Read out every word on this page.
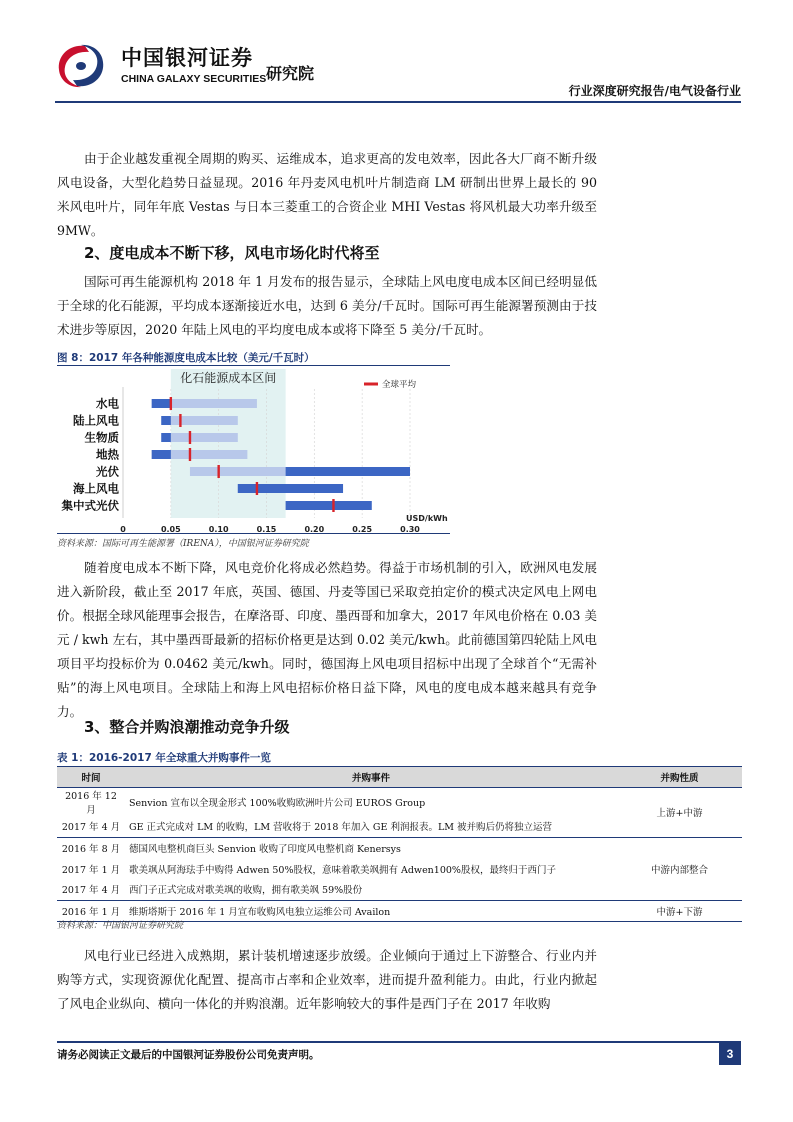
中国银河证券
CHINA GALAXY SECURITIES 研究院
行业深度研究报告/电气设备行业

由于企业越发重视全周期的购买、运维成本，追求更高的发电效率，因此各大厂商不断升级风电设备，大型化趋势日益显现。2016 年丹麦风电机叶片制造商 LM 研制出世界上最长的 90 米风电叶片，同年年底 Vestas 与日本三菱重工的合资企业 MHI Vestas 将风机最大功率升级至 9MW。

2、度电成本不断下移，风电市场化时代将至

国际可再生能源机构 2018 年 1 月发布的报告显示，全球陆上风电度电成本区间已经明显低于全球的化石能源，平均成本逐渐接近水电，达到 6 美分/千瓦时。国际可再生能源署预测由于技术进步等原因，2020 年陆上风电的平均度电成本或将下降至 5 美分/千瓦时。

图 8：2017 年各种能源度电成本比较（美元/千瓦时）
化石能源成本区间	全球平均
水电
陆上风电
生物质
地热
光伏
海上风电
集中式光伏
0	0.05	0.10	0.15	0.20	0.25	0.30
USD/kWh
资料来源：国际可再生能源署（IRENA），中国银河证券研究院

随着度电成本不断下降，风电竞价化将成必然趋势。得益于市场机制的引入，欧洲风电发展进入新阶段，截止至 2017 年底，英国、德国、丹麦等国已采取竞拍定价的模式决定风电上网电价。根据全球风能理事会报告，在摩洛哥、印度、墨西哥和加拿大，2017 年风电价格在 0.03 美元 / kwh 左右，其中墨西哥最新的招标价格更是达到 0.02 美元/kwh。此前德国第四轮陆上风电项目平均投标价为 0.0462 美元/kwh。同时，德国海上风电项目招标中出现了全球首个“无需补贴”的海上风电项目。全球陆上和海上风电招标价格日益下降，风电的度电成本越来越具有竞争力。

3、整合并购浪潮推动竞争升级
表 1：2016-2017 年全球重大并购事件一览
时间	并购事件	并购性质
2016 年 12 月	Senvion 宣布以全现金形式 100%收购欧洲叶片公司 EUROS Group	上游+中游
2017 年 4 月	GE 正式完成对 LM 的收购，LM 营收将于 2018 年加入 GE 利润报表。LM 被并购后仍将独立运营	
2016 年 8 月	德国风电整机商巨头 Senvion 收购了印度风电整机商 Kenersys	中游内部整合
2017 年 1 月	歌美飒从阿海珐手中购得 Adwen 50%股权，意味着歌美飒拥有 Adwen100%股权，最终归于西门子	
2017 年 4 月	西门子正式完成对歌美飒的收购，拥有歌美飒 59%股份	
2016 年 1 月	维斯塔斯于 2016 年 1 月宣布收购风电独立运维公司 Availon	中游+下游
资料来源：中国银河证券研究院

风电行业已经进入成熟期，累计装机增速逐步放缓。企业倾向于通过上下游整合、行业内并购等方式，实现资源优化配置、提高市占率和企业效率，进而提升盈利能力。由此，行业内掀起了风电企业纵向、横向一体化的并购浪潮。近年影响较大的事件是西门子在 2017 年收购

请务必阅读正文最后的中国银河证券股份公司免责声明。	3
